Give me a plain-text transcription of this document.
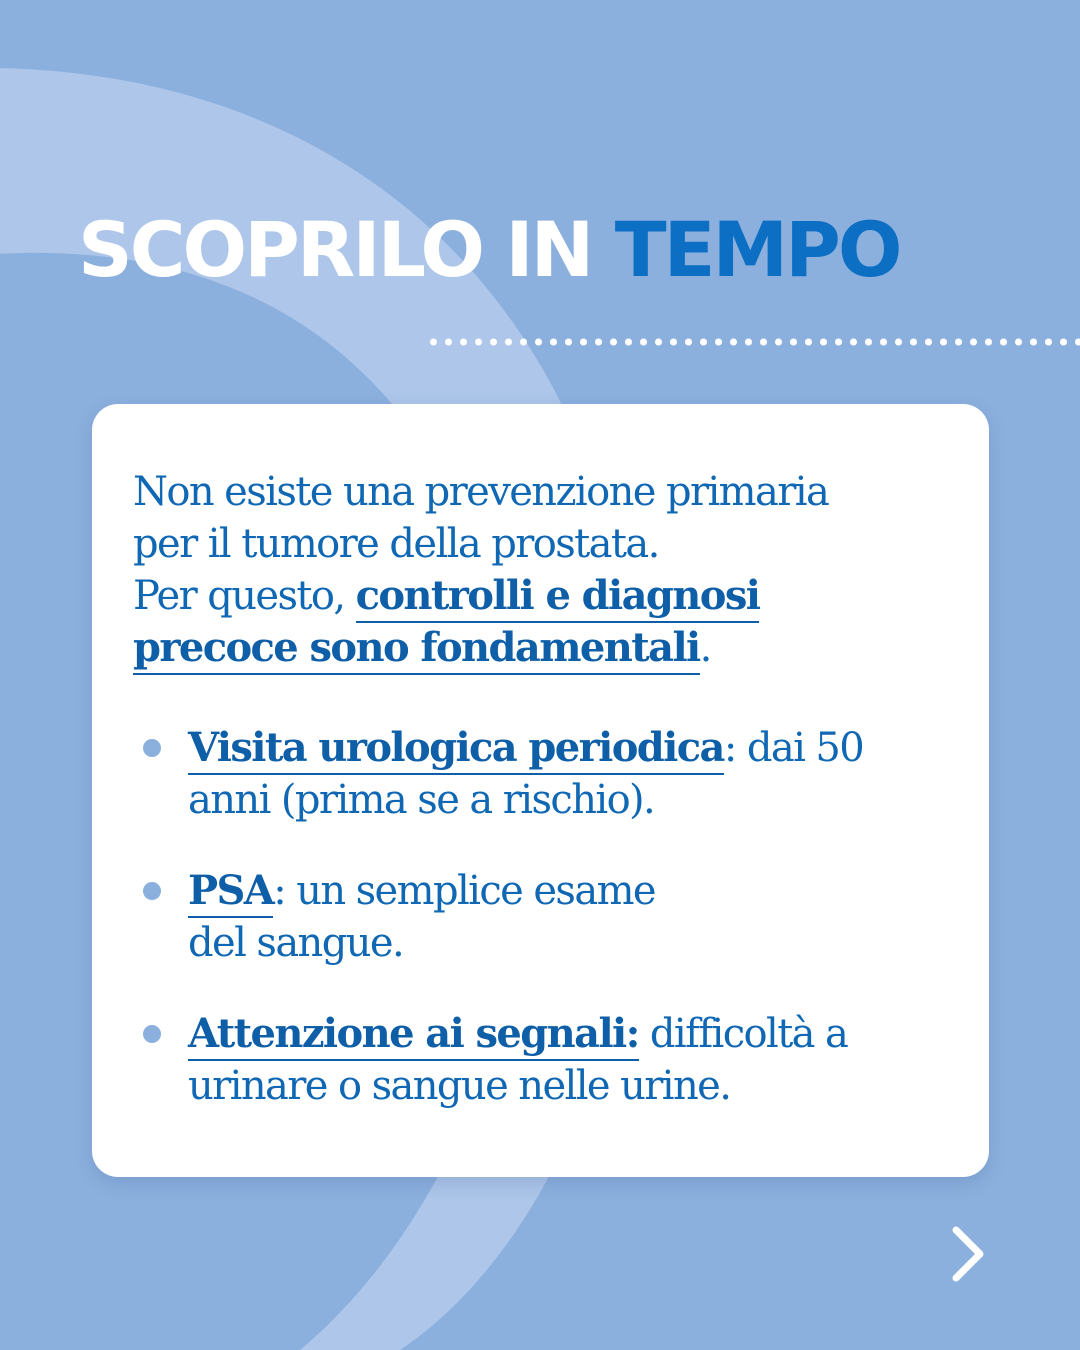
SCOPRILO IN TEMPO

Non esiste una prevenzione primaria
per il tumore della prostata.
Per questo, controlli e diagnosi
precoce sono fondamentali.

Visita urologica periodica: dai 50 anni (prima se a rischio).
PSA: un semplice esame del sangue.
Attenzione ai segnali: difficoltà a urinare o sangue nelle urine.
